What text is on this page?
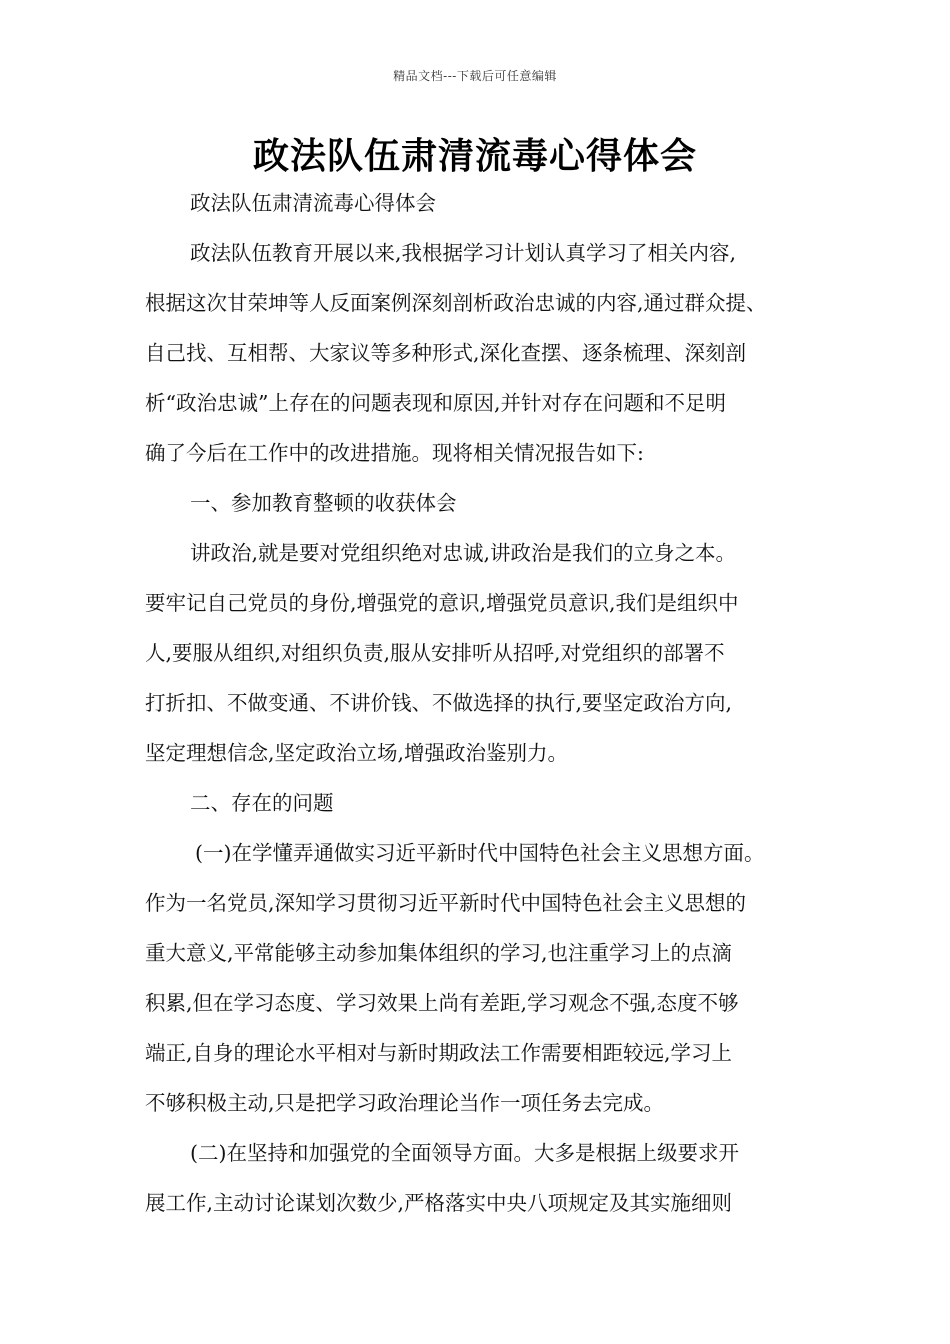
精品文档---下载后可任意编辑
政法队伍肃清流毒心得体会
政法队伍肃清流毒心得体会
政法队伍教育开展以来,我根据学习计划认真学习了相关内容,
根据这次甘荣坤等人反面案例深刻剖析政治忠诚的内容,通过群众提、
自己找、互相帮、大家议等多种形式,深化查摆、逐条梳理、深刻剖
析“政治忠诚”上存在的问题表现和原因,并针对存在问题和不足明
确了今后在工作中的改进措施。现将相关情况报告如下:
一、参加教育整顿的收获体会
讲政治,就是要对党组织绝对忠诚,讲政治是我们的立身之本。
要牢记自己党员的身份,增强党的意识,增强党员意识,我们是组织中
人,要服从组织,对组织负责,服从安排听从招呼,对党组织的部署不
打折扣、不做变通、不讲价钱、不做选择的执行,要坚定政治方向,
坚定理想信念,坚定政治立场,增强政治鉴别力。
二、存在的问题
(一)在学懂弄通做实习近平新时代中国特色社会主义思想方面。
作为一名党员,深知学习贯彻习近平新时代中国特色社会主义思想的
重大意义,平常能够主动参加集体组织的学习,也注重学习上的点滴
积累,但在学习态度、学习效果上尚有差距,学习观念不强,态度不够
端正,自身的理论水平相对与新时期政法工作需要相距较远,学习上
不够积极主动,只是把学习政治理论当作一项任务去完成。
(二)在坚持和加强党的全面领导方面。大多是根据上级要求开
展工作,主动讨论谋划次数少,严格落实中央八项规定及其实施细则
